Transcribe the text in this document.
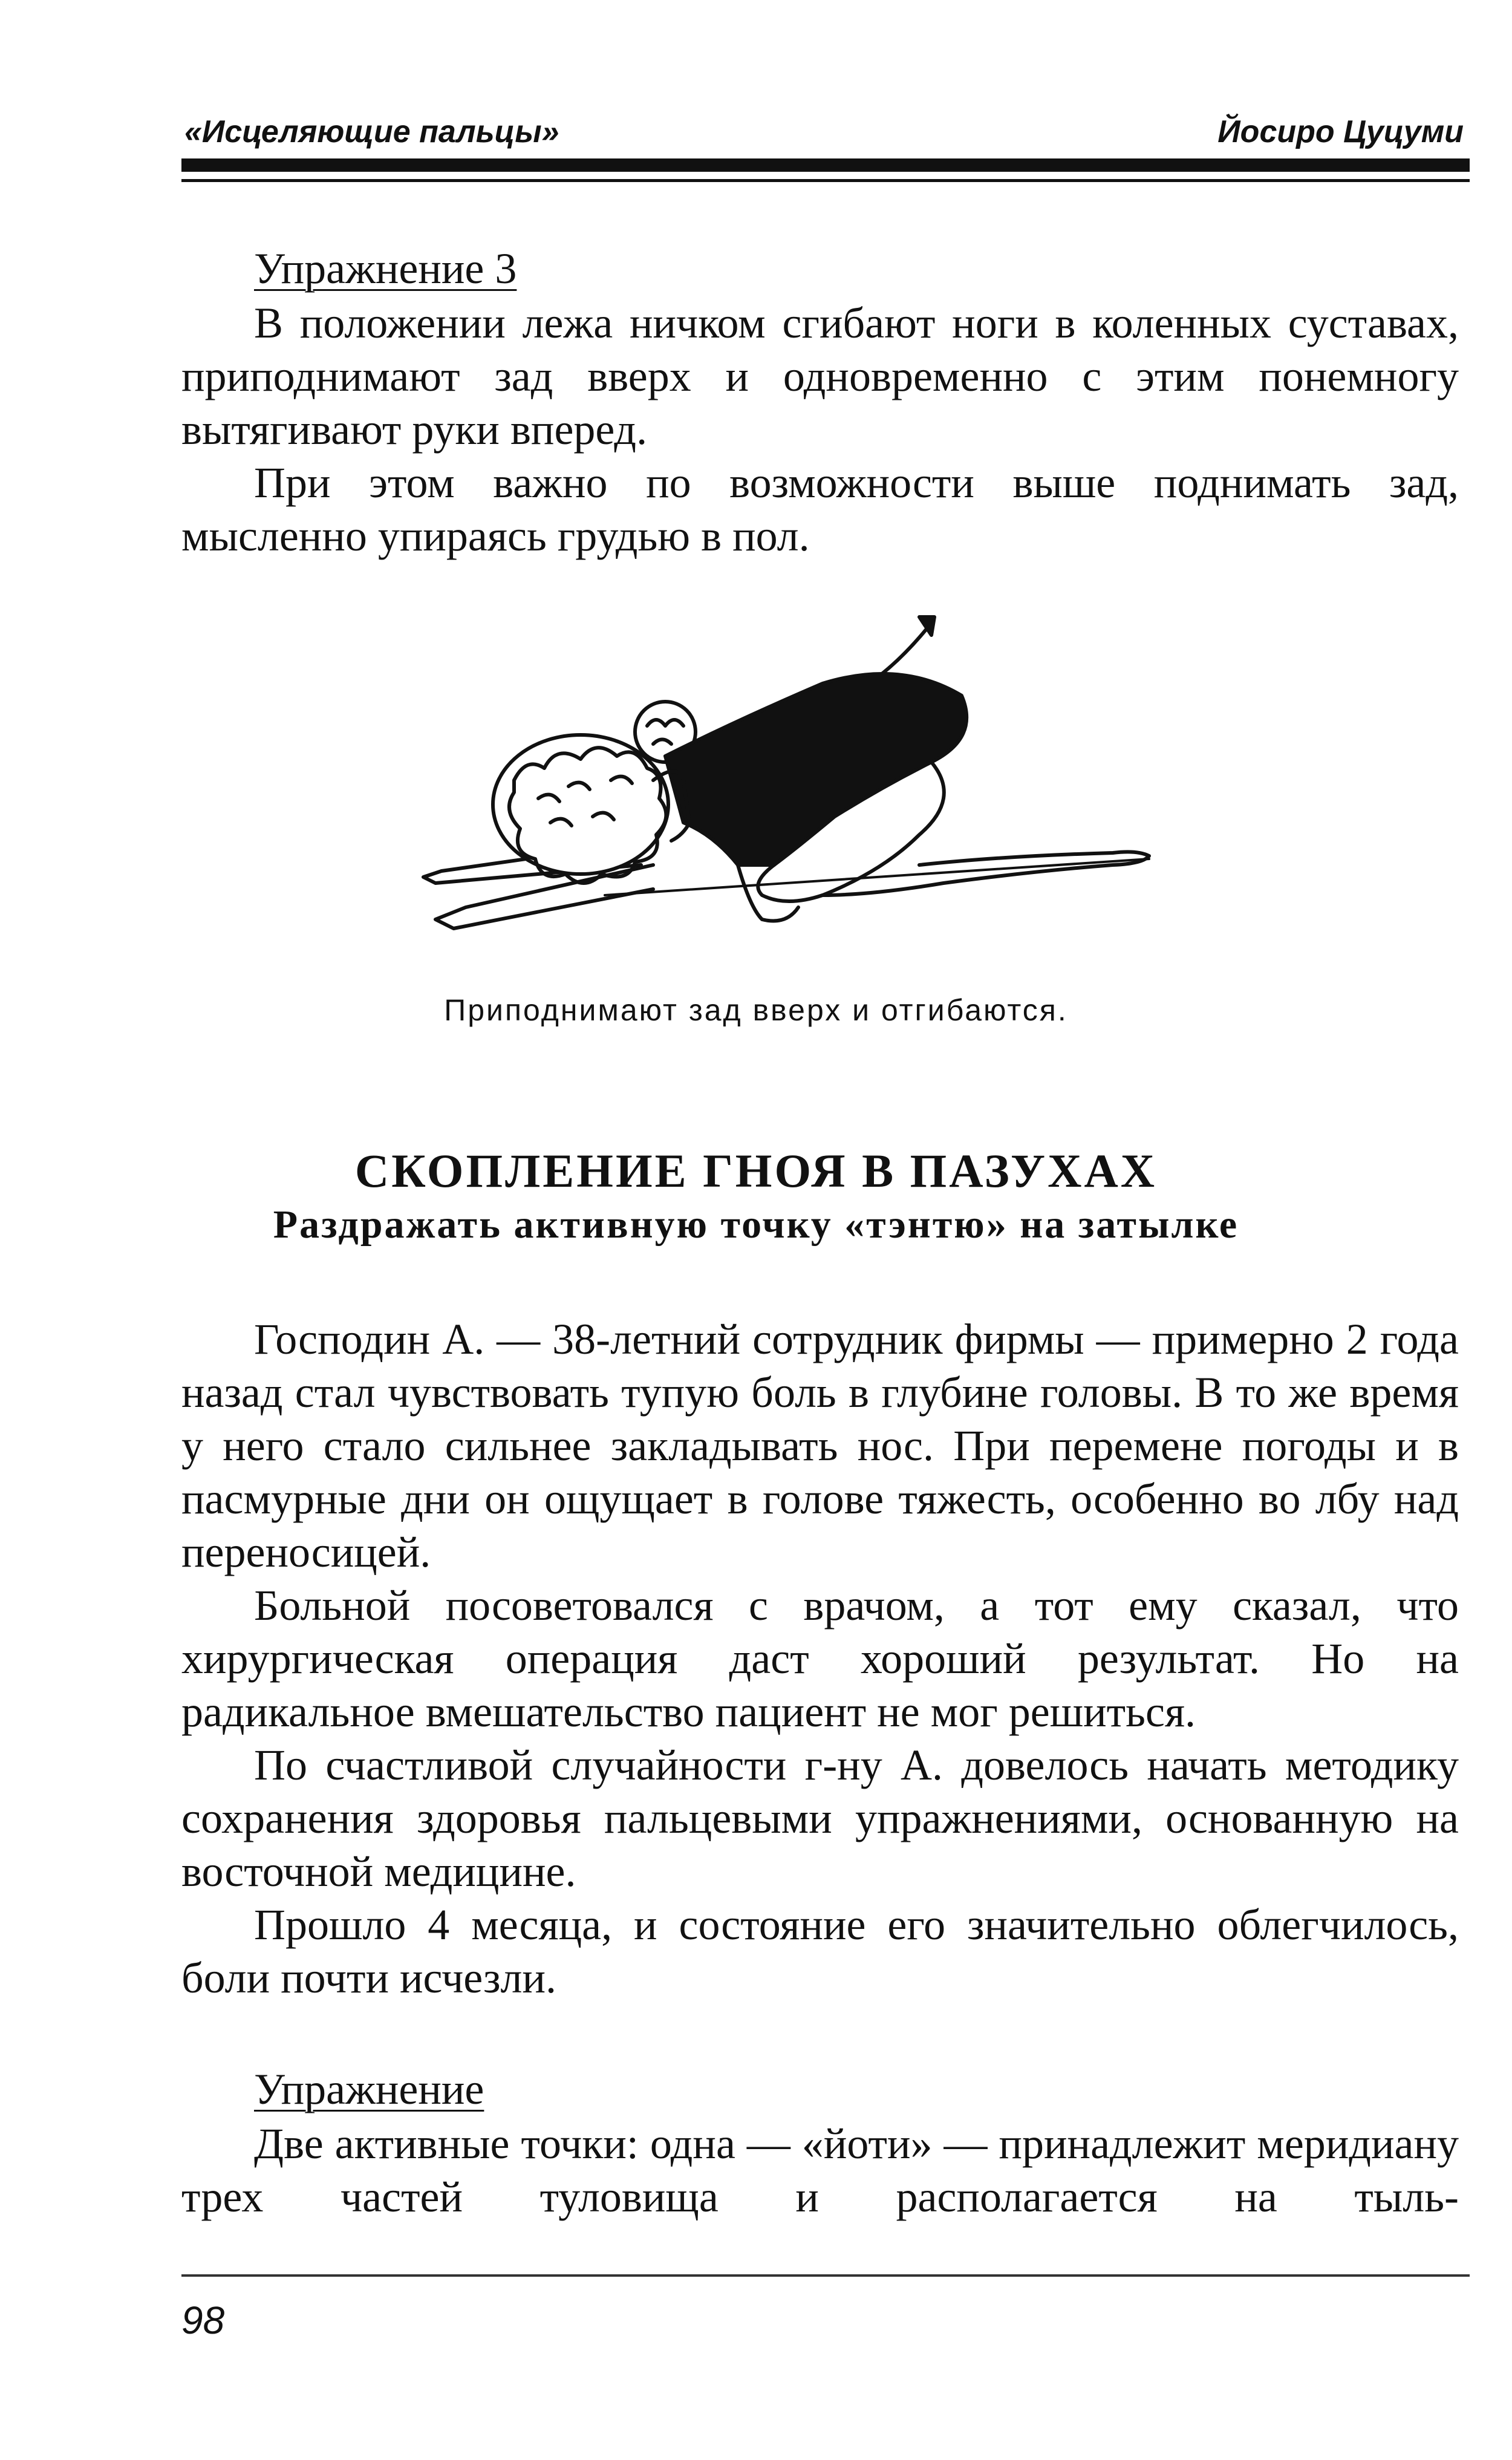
«Исцеляющие пальцы»	Йосиро Цуцуми
Упражнение 3

В положении лежа ничком сгибают ноги в коленных суставах, приподнимают зад вверх и одновременно с этим понемногу вытягивают руки вперед.

При этом важно по возможности выше поднимать зад, мысленно упираясь грудью в пол.

Приподнимают зад вверх и отгибаются.
СКОПЛЕНИЕ ГНОЯ В ПАЗУХАХ
Раздражать активную точку «тэнтю» на затылке

Господин А. — 38-летний сотрудник фирмы — примерно 2 года назад стал чувствовать тупую боль в глубине головы. В то же время у него стало сильнее закладывать нос. При перемене погоды и в пасмурные дни он ощущает в голове тяжесть, особенно во лбу над переносицей.

Больной посоветовался с врачом, а тот ему сказал, что хирургическая операция даст хороший результат. Но на радикальное вмешательство пациент не мог решиться.

По счастливой случайности г-ну А. довелось начать методику сохранения здоровья пальцевыми упражнениями, основанную на восточной медицине.

Прошло 4 месяца, и состояние его значительно облегчилось, боли почти исчезли.

Упражнение

Две активные точки: одна — «йоти» — принадлежит меридиану трех частей туловища и располагается на тыль-

98
